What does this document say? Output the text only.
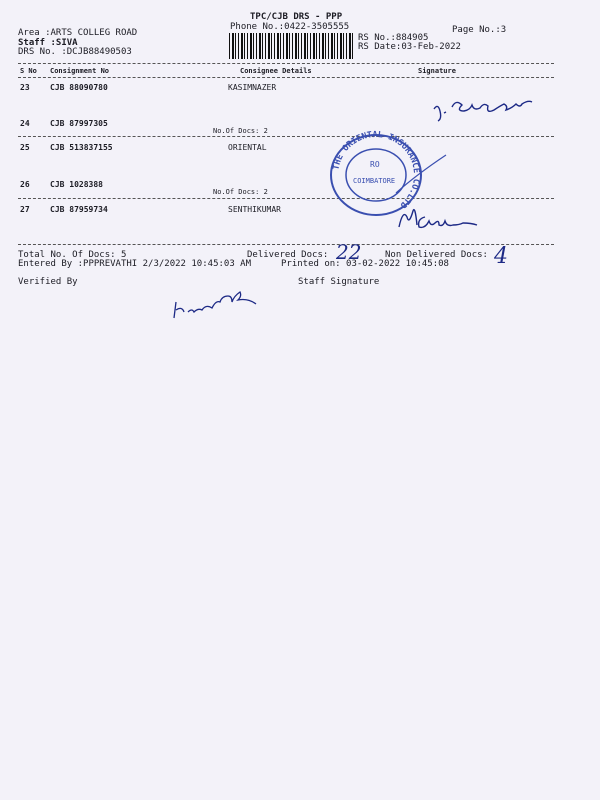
TPC/CJB DRS - PPP
Phone No.:0422-3505555	Page No.:3
Area :ARTS COLLEG ROAD
Staff :SIVA
DRS No. :DCJB88490503
RS No.:884905
RS Date:03-Feb-2022
S No Consignment No	Consignee Details	Signature
23	CJB 88090780	KASIMNAZER
24	CJB 87997305
No.Of Docs: 2
25	CJB 513837155	ORIENTAL
26	CJB 1028388
No.Of Docs: 2
27	CJB 87959734	SENTHIKUMAR
THE ORIENTAL INSURANCE CO.LTD
RO
COIMBATORE
Total No. Of Docs: 5	Delivered Docs: 22	Non Delivered Docs: 4
Entered By :PPPREVATHI 2/3/2022 10:45:03 AM	Printed on: 03-02-2022 10:45:08
Verified By	Staff Signature
